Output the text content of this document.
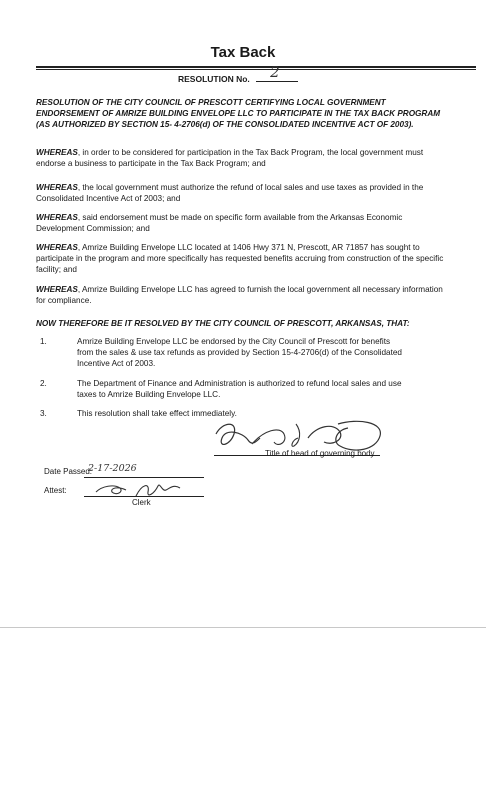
Tax Back
RESOLUTION No. 2
RESOLUTION OF THE CITY COUNCIL OF PRESCOTT CERTIFYING LOCAL GOVERNMENT ENDORSEMENT OF AMRIZE BUILDING ENVELOPE LLC TO PARTICIPATE IN THE TAX BACK PROGRAM (AS AUTHORIZED BY SECTION 15- 4-2706(d) OF THE CONSOLIDATED INCENTIVE ACT OF 2003).
WHEREAS, in order to be considered for participation in the Tax Back Program, the local government must endorse a business to participate in the Tax Back Program; and
WHEREAS, the local government must authorize the refund of local sales and use taxes as provided in the Consolidated Incentive Act of 2003; and
WHEREAS, said endorsement must be made on specific form available from the Arkansas Economic Development Commission; and
WHEREAS, Amrize Building Envelope LLC located at 1406 Hwy 371 N, Prescott, AR 71857 has sought to participate in the program and more specifically has requested benefits accruing from construction of the specific facility; and
WHEREAS, Amrize Building Envelope LLC has agreed to furnish the local government all necessary information for compliance.
NOW THEREFORE BE IT RESOLVED BY THE CITY COUNCIL OF PRESCOTT, ARKANSAS, THAT:
1.	Amrize Building Envelope LLC be endorsed by the City Council of Prescott for benefits from the sales & use tax refunds as provided by Section 15-4-2706(d) of the Consolidated Incentive Act of 2003.
2.	The Department of Finance and Administration is authorized to refund local sales and use taxes to Amrize Building Envelope LLC.
3.	This resolution shall take effect immediately.
Title of head of governing body
Date Passed:
2-17-2026
Attest:
Clerk
